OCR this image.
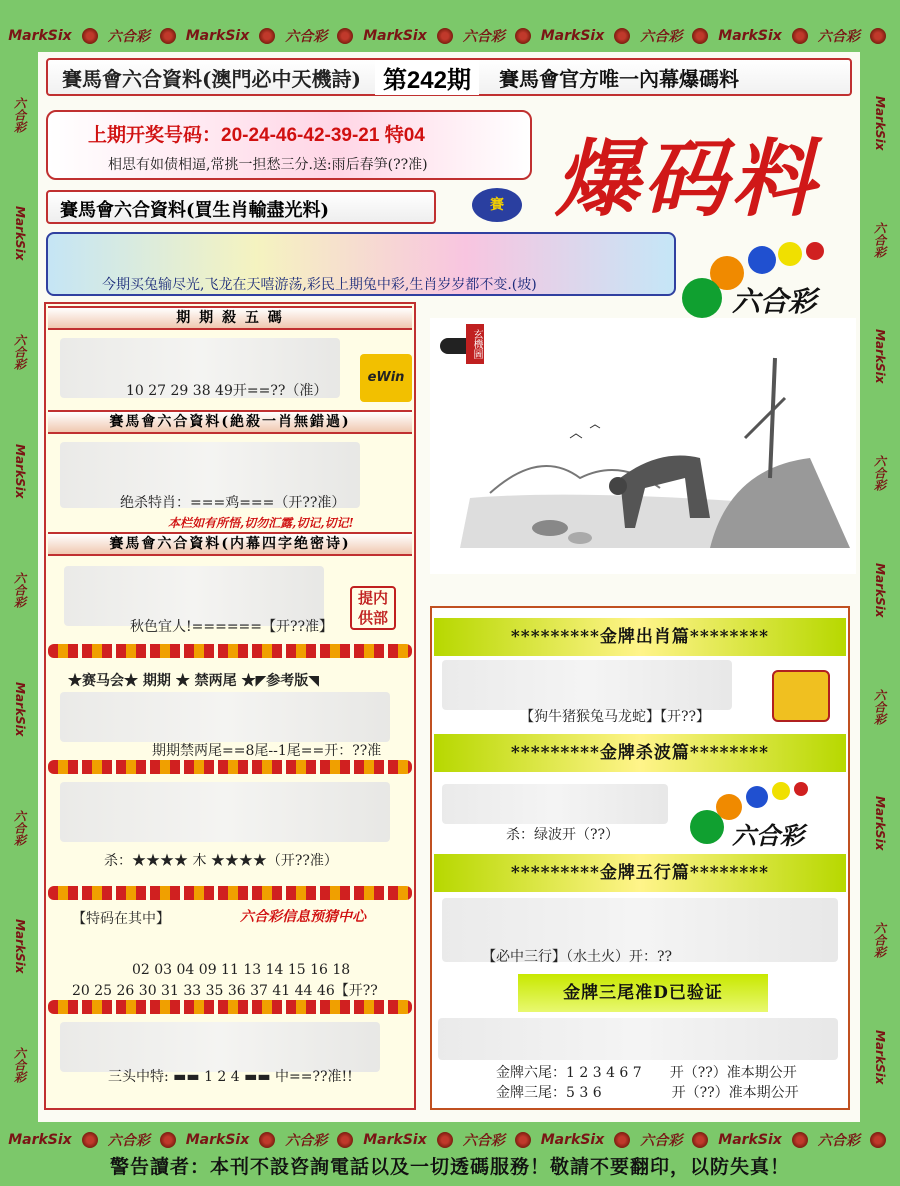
MarkSix	六合彩	MarkSix	六合彩	MarkSix	六合彩	MarkSix	六合彩	MarkSix	六合彩
六合彩
MarkSix
六合彩
MarkSix
六合彩
MarkSix
六合彩
MarkSix
六合彩
MarkSix
六合彩
MarkSix
六合彩
MarkSix
六合彩
MarkSix
六合彩
MarkSix
賽馬會六合資料(澳門必中天機詩) 第242期	賽馬會官方唯一內幕爆碼料
上期开奖号码：20-24-46-42-39-21 特04
相思有如债相逼,常挑一担愁三分.送:雨后春笋(??准) 爆码料
賽馬會六合資料(買生肖輸盡光料)	賽
今期买兔输尽光,飞龙在天嘻游荡,彩民上期兔中彩,生肖岁岁都不变.(坡)	六合彩
期 期 殺 五 碼
10 27 29 38 49开==??（准）
eWin
賽馬會六合資料(絶殺一肖無錯過)
绝杀特肖：===鸡===（开??准）
本栏如有所悟,切勿汇露,切记,切记!
賽馬會六合資料(内幕四字绝密诗)
秋色宜人!======【开??准】
提内供部
★赛马会★ 期期 ★ 禁两尾 ★◤参考版◥
期期禁两尾==8尾--1尾==开：??准
杀：★★★★ 木 ★★★★（开??准）
【特码在其中】	六合彩信息预猜中心
02 03 04 09 11 13 14 15 16 18
20 25 26 30 31 33 35 36 37 41 44 46【开??
三头中特: ▬▬ 1 2 4 ▬▬ 中==??准!!
玄機圖
*********金牌出肖篇********
【狗牛猪猴兔马龙蛇】【开??】
*********金牌杀波篇********
杀：绿波开（??）	六合彩
*********金牌五行篇********
【必中三行】（水土火）开：??
金牌三尾准D已验证
金牌六尾：1 2 3 4 6 7　　开（??）准本期公开
金牌三尾：5 3 6　　　　　开（??）准本期公开
MarkSix	六合彩	MarkSix	六合彩	MarkSix	六合彩	MarkSix	六合彩	MarkSix	六合彩
警告讀者：本刊不設咨詢電話以及一切透碼服務！敬請不要翻印，以防失真！
